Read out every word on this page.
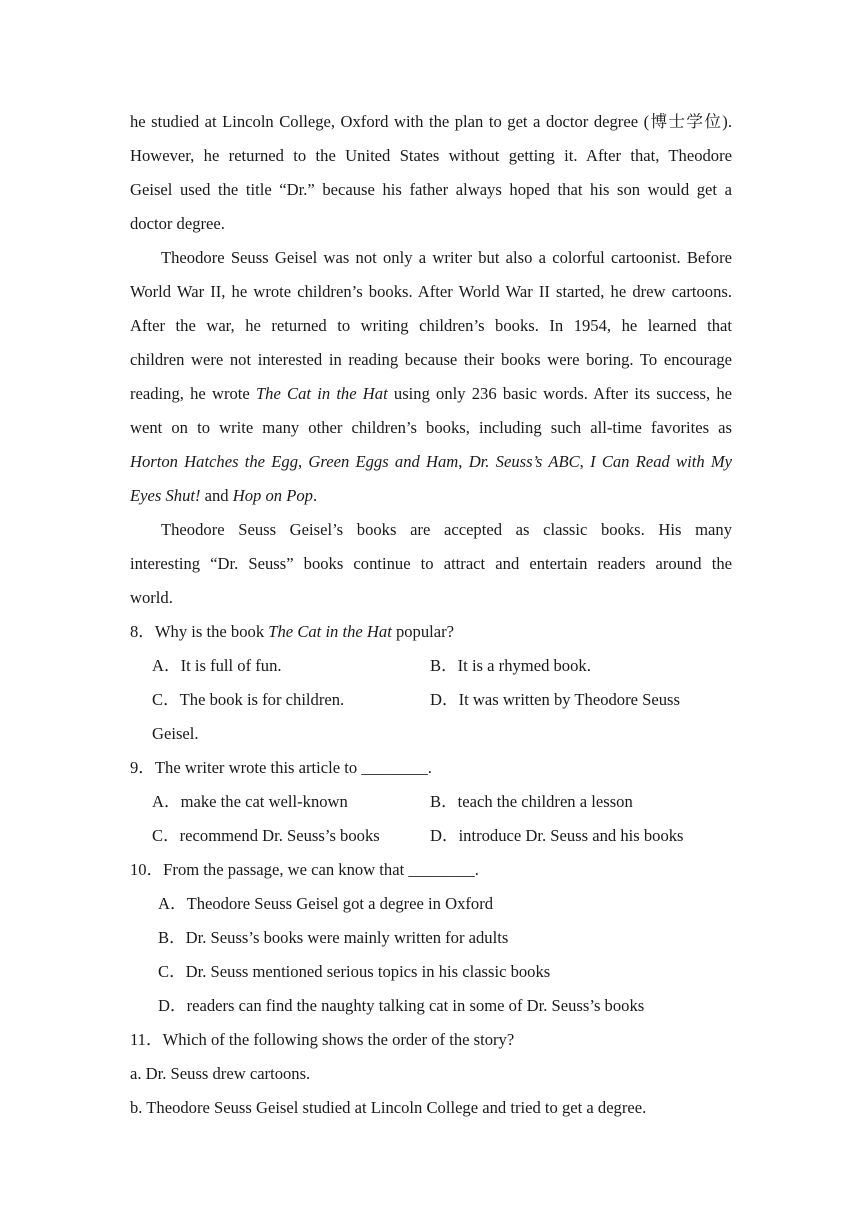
he studied at Lincoln College, Oxford with the plan to get a doctor degree (博士学位).
However, he returned to the United States without getting it. After that, Theodore
Geisel used the title “Dr.” because his father always hoped that his son would get a
doctor degree.
Theodore Seuss Geisel was not only a writer but also a colorful cartoonist. Before
World War II, he wrote children’s books. After World War II started, he drew cartoons.
After the war, he returned to writing children’s books. In 1954, he learned that
children were not interested in reading because their books were boring. To encourage
reading, he wrote The Cat in the Hat using only 236 basic words. After its success, he
went on to write many other children’s books, including such all-time favorites as
Horton Hatches the Egg, Green Eggs and Ham, Dr. Seuss’s ABC, I Can Read with My
Eyes Shut! and Hop on Pop.
Theodore Seuss Geisel’s books are accepted as classic books. His many
interesting “Dr. Seuss” books continue to attract and entertain readers around the
world.
8．Why is the book The Cat in the Hat popular?
A．It is full of fun.	B．It is a rhymed book.
C．The book is for children.	D．It was written by Theodore Seuss
Geisel.
9．The writer wrote this article to ________.
A．make the cat well-known	B．teach the children a lesson
C．recommend Dr. Seuss’s books	D．introduce Dr. Seuss and his books
10．From the passage, we can know that ________.
A．Theodore Seuss Geisel got a degree in Oxford
B．Dr. Seuss’s books were mainly written for adults
C．Dr. Seuss mentioned serious topics in his classic books
D．readers can find the naughty talking cat in some of Dr. Seuss’s books
11．Which of the following shows the order of the story?
a. Dr. Seuss drew cartoons.
b. Theodore Seuss Geisel studied at Lincoln College and tried to get a degree.
